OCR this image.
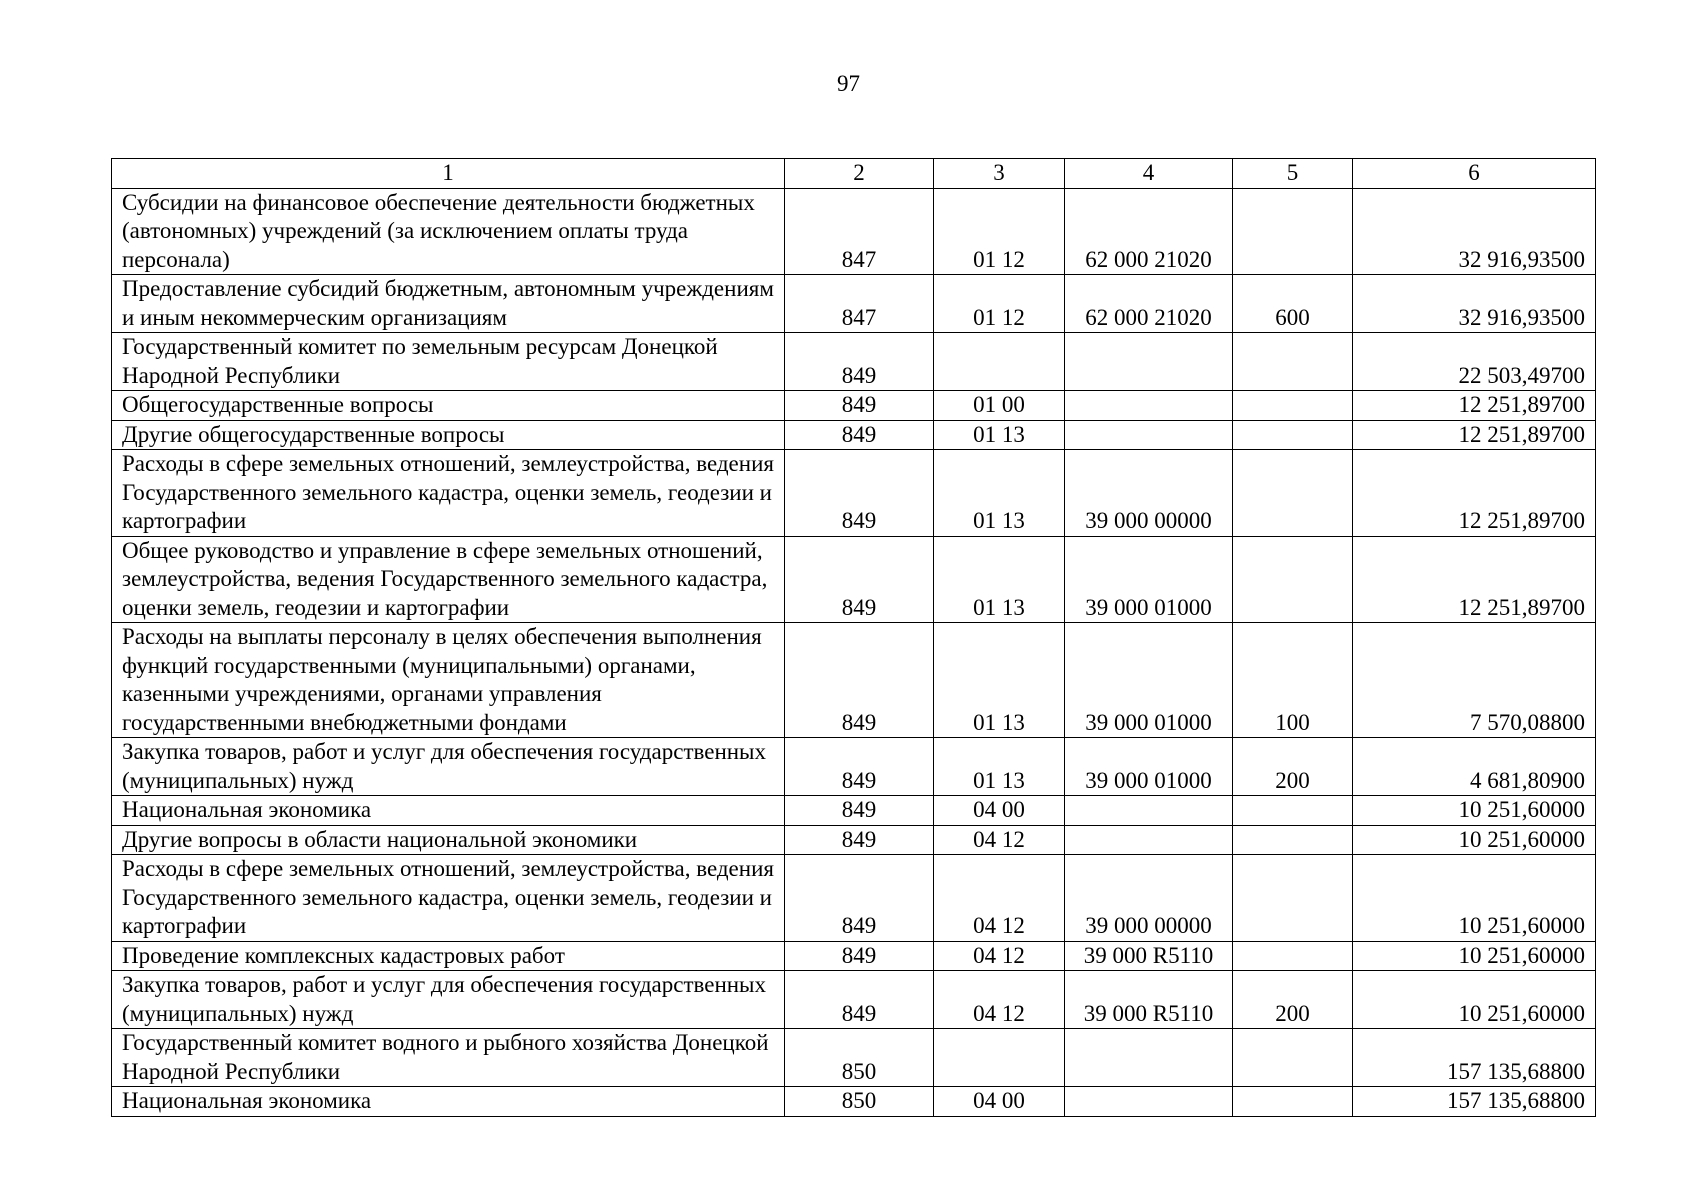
97
1	2	3	4	5	6
Субсидии на финансовое обеспечение деятельности бюджетных (автономных) учреждений (за исключением оплаты труда персонала)	847	01 12	62 000 21020		32 916,93500
Предоставление субсидий бюджетным, автономным учреждениям и иным некоммерческим организациям	847	01 12	62 000 21020	600	32 916,93500
Государственный комитет по земельным ресурсам Донецкой Народной Республики	849				22 503,49700
Общегосударственные вопросы	849	01 00			12 251,89700
Другие общегосударственные вопросы	849	01 13			12 251,89700
Расходы в сфере земельных отношений, землеустройства, ведения Государственного земельного кадастра, оценки земель, геодезии и картографии	849	01 13	39 000 00000		12 251,89700
Общее руководство и управление в сфере земельных отношений, землеустройства, ведения Государственного земельного кадастра, оценки земель, геодезии и картографии	849	01 13	39 000 01000		12 251,89700
Расходы на выплаты персоналу в целях обеспечения выполнения функций государственными (муниципальными) органами, казенными учреждениями, органами управления государственными внебюджетными фондами	849	01 13	39 000 01000	100	7 570,08800
Закупка товаров, работ и услуг для обеспечения государственных (муниципальных) нужд	849	01 13	39 000 01000	200	4 681,80900
Национальная экономика	849	04 00			10 251,60000
Другие вопросы в области национальной экономики	849	04 12			10 251,60000
Расходы в сфере земельных отношений, землеустройства, ведения Государственного земельного кадастра, оценки земель, геодезии и картографии	849	04 12	39 000 00000		10 251,60000
Проведение комплексных кадастровых работ	849	04 12	39 000 R5110		10 251,60000
Закупка товаров, работ и услуг для обеспечения государственных (муниципальных) нужд	849	04 12	39 000 R5110	200	10 251,60000
Государственный комитет водного и рыбного хозяйства Донецкой Народной Республики	850				157 135,68800
Национальная экономика	850	04 00			157 135,68800
